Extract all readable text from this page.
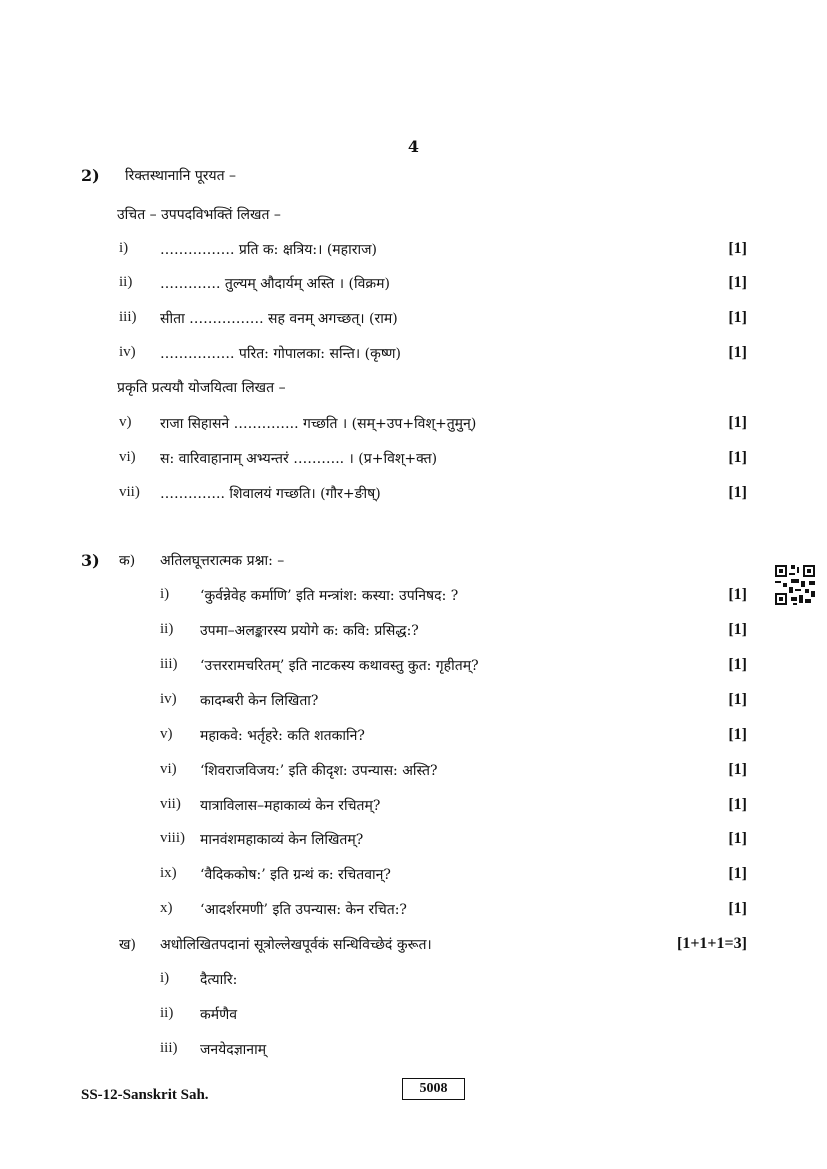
4
2) रिक्तस्थानानि पूरयत –
उचित – उपपदविभक्तिं लिखत –
i) ……………. प्रति क: क्षत्रिय:। (महाराज)	[1]
ii) …………. तुल्यम् औदार्यम् अस्ति । (विक्रम)	[1]
iii) सीता ……………. सह वनम् अगच्छत्। (राम)	[1]
iv) ……………. परित: गोपालका: सन्ति। (कृष्ण)	[1]
प्रकृति प्रत्ययौ योजयित्वा लिखत –
v) राजा सिहासने ………….. गच्छति । (सम्+उप+विश्+तुमुन्)	[1]
vi) स: वारिवाहानाम् अभ्यन्तरं ……….. । (प्र+विश्+क्त)	[1]
vii) ………….. शिवालयं गच्छति। (गौर+ङीष्)	[1]
3) क) अतिलघूत्तरात्मक प्रश्ना: –
i) ‘कुर्वन्नेवेह कर्माणि’ इति मन्त्रांश: कस्या: उपनिषद: ?	[1]
ii) उपमा–अलङ्कारस्य प्रयोगे क: कवि: प्रसिद्ध:?	[1]
iii) ‘उत्तररामचरितम्’ इति नाटकस्य कथावस्तु कुत: गृहीतम्?	[1]
iv) कादम्बरी केन लिखिता?	[1]
v) महाकवे: भर्तृहरे: कति शतकानि?	[1]
vi) ‘शिवराजविजय:’ इति कीदृश: उपन्यास: अस्ति?	[1]
vii) यात्राविलास–महाकाव्यं केन रचितम्?	[1]
viii) मानवंशमहाकाव्यं केन लिखितम्?	[1]
ix) ‘वैदिककोष:’ इति ग्रन्थं क: रचितवान्?	[1]
x) ‘आदर्शरमणी’ इति उपन्यास: केन रचित:?	[1]
ख) अधोलिखितपदानां सूत्रोल्लेखपूर्वकं सन्धिविच्छेदं कुरूत।	[1+1+1=3]
i) दैत्यारि:
ii) कर्मणैव
iii) जनयेदज्ञानाम्
SS-12-Sanskrit Sah.	5008
